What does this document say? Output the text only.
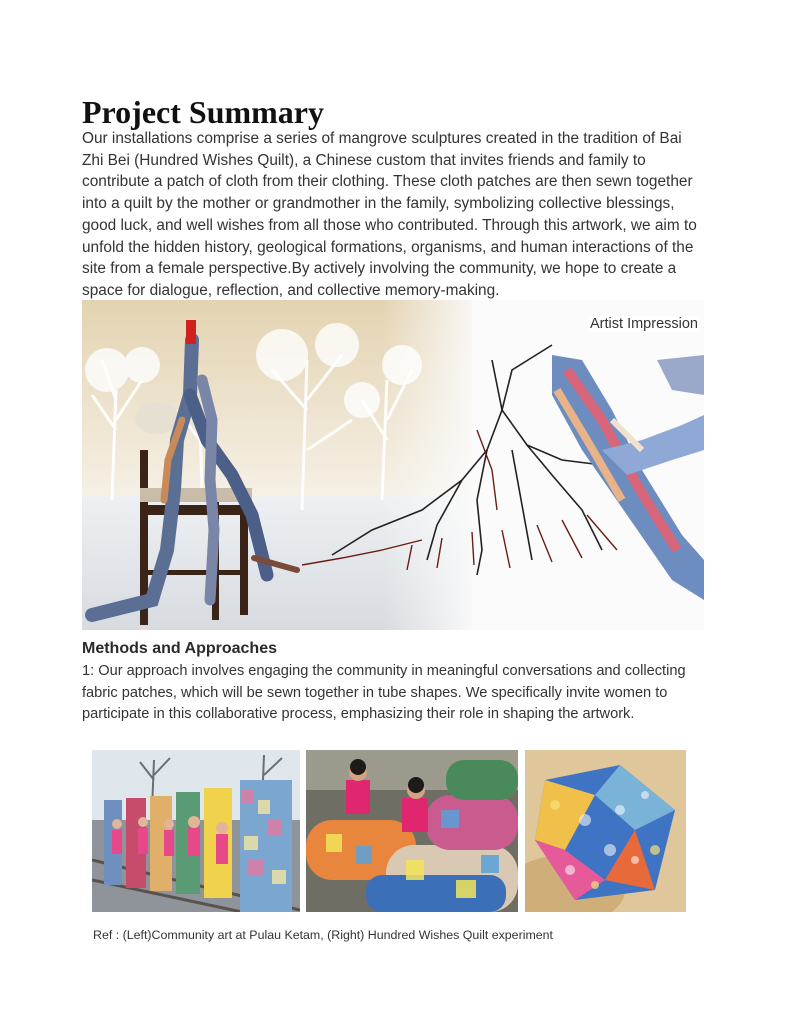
Project Summary

Our installations comprise a series of mangrove sculptures created in the tradition of Bai Zhi Bei (Hundred Wishes Quilt), a Chinese custom that invites friends and family to contribute a patch of cloth from their clothing. These cloth patches are then sewn together into a quilt by the mother or grandmother in the family, symbolizing collective blessings, good luck, and well wishes from all those who contributed. Through this artwork, we aim to unfold the hidden history, geological formations, organisms, and human interactions of the site from a female perspective.By actively involving the community, we hope to create a space for dialogue, reflection, and collective memory-making.

Artist Impression
Methods and Approaches

1: Our approach involves engaging the community in meaningful conversations and collecting fabric patches, which will be sewn together in tube shapes. We specifically invite women to participate in this collaborative process, emphasizing their role in shaping the artwork.

Ref : (Left)Community art at Pulau Ketam, (Right) Hundred Wishes Quilt experiment
